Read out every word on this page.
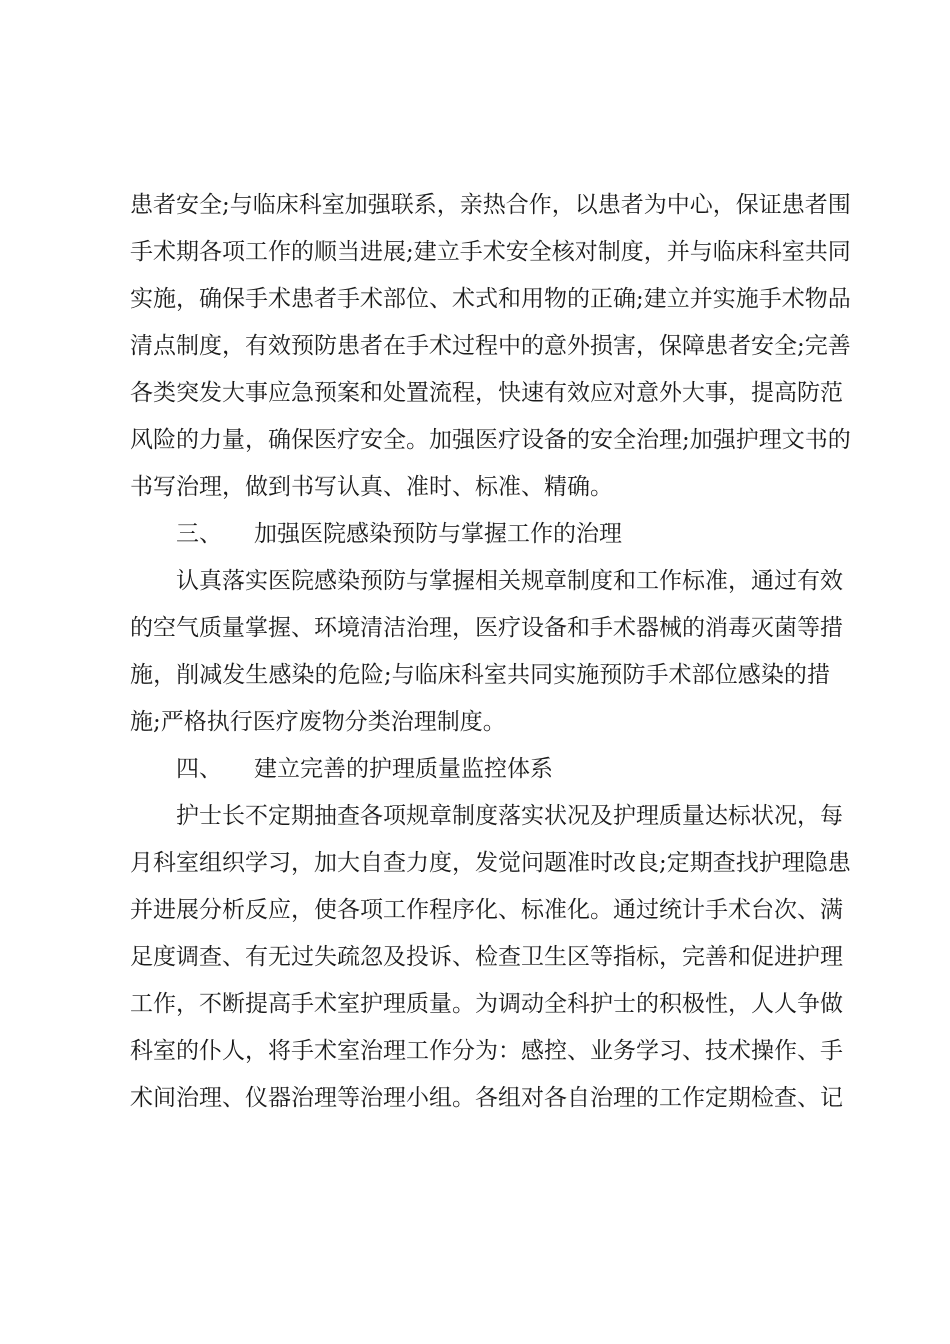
患者安全;与临床科室加强联系，亲热合作，以患者为中心，保证患者围
手术期各项工作的顺当进展;建立手术安全核对制度，并与临床科室共同
实施，确保手术患者手术部位、术式和用物的正确;建立并实施手术物品
清点制度，有效预防患者在手术过程中的意外损害，保障患者安全;完善
各类突发大事应急预案和处置流程，快速有效应对意外大事，提高防范
风险的力量，确保医疗安全。加强医疗设备的安全治理;加强护理文书的
书写治理，做到书写认真、准时、标准、精确。
三、 加强医院感染预防与掌握工作的治理
认真落实医院感染预防与掌握相关规章制度和工作标准，通过有效
的空气质量掌握、环境清洁治理，医疗设备和手术器械的消毒灭菌等措
施，削减发生感染的危险;与临床科室共同实施预防手术部位感染的措
施;严格执行医疗废物分类治理制度。
四、 建立完善的护理质量监控体系
护士长不定期抽查各项规章制度落实状况及护理质量达标状况，每
月科室组织学习，加大自查力度，发觉问题准时改良;定期查找护理隐患
并进展分析反应，使各项工作程序化、标准化。通过统计手术台次、满
足度调查、有无过失疏忽及投诉、检查卫生区等指标，完善和促进护理
工作，不断提高手术室护理质量。为调动全科护士的积极性，人人争做
科室的仆人，将手术室治理工作分为：感控、业务学习、技术操作、手
术间治理、仪器治理等治理小组。各组对各自治理的工作定期检查、记
